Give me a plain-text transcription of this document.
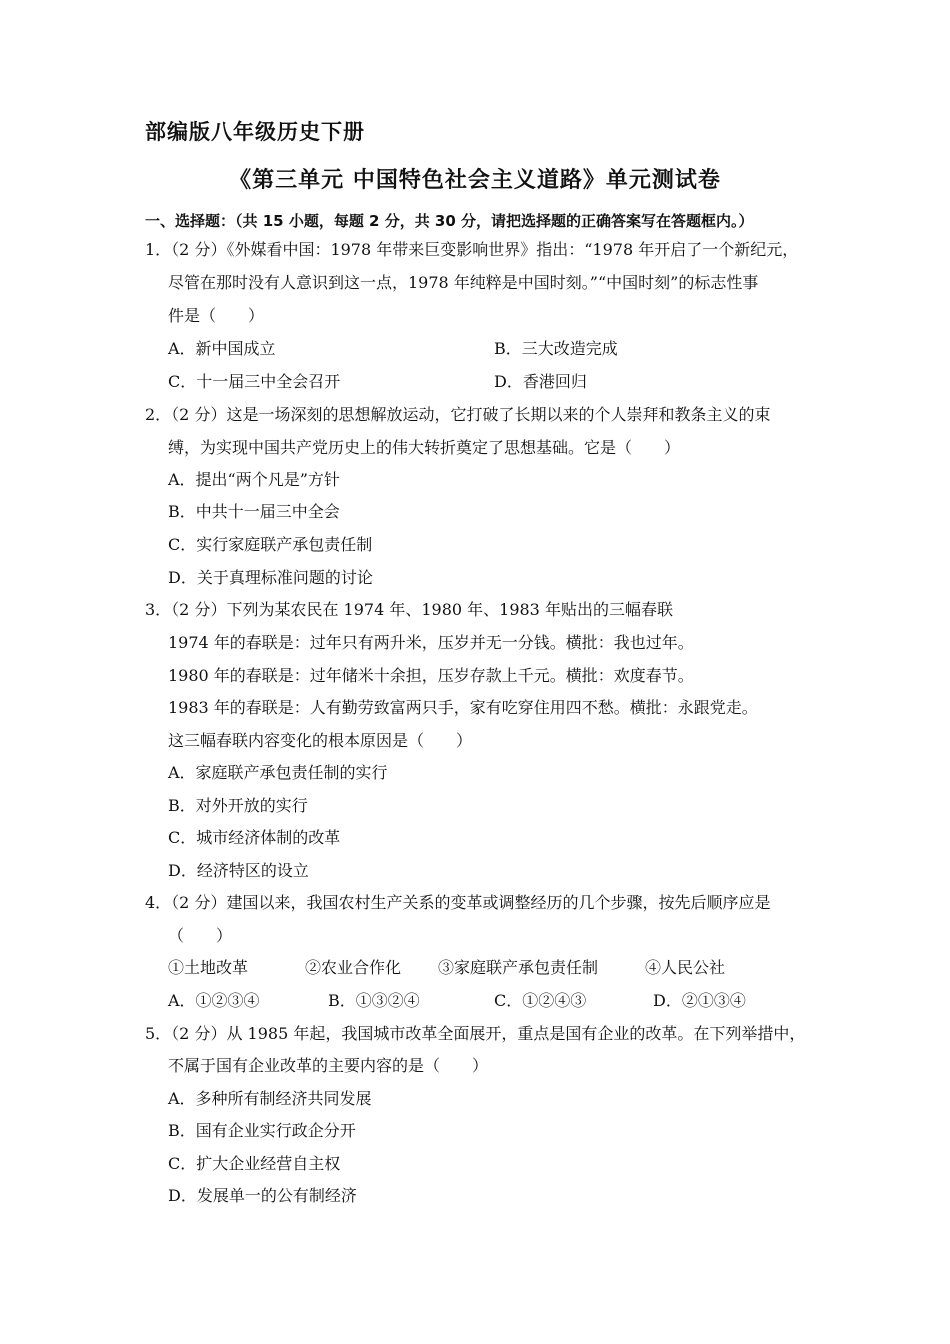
部编版八年级历史下册
《第三单元 中国特色社会主义道路》单元测试卷
一、选择题：（共 15 小题，每题 2 分，共 30 分，请把选择题的正确答案写在答题框内。）
1．（2 分）《外媒看中国：1978 年带来巨变影响世界》指出：“1978 年开启了一个新纪元，
尽管在那时没有人意识到这一点，1978 年纯粹是中国时刻。”“中国时刻”的标志性事
件是（　　）
A．新中国成立	B．三大改造完成
C．十一届三中全会召开	D．香港回归
2．（2 分）这是一场深刻的思想解放运动，它打破了长期以来的个人崇拜和教条主义的束
缚，为实现中国共产党历史上的伟大转折奠定了思想基础。它是（　　）
A．提出“两个凡是”方针
B．中共十一届三中全会
C．实行家庭联产承包责任制
D．关于真理标准问题的讨论
3．（2 分）下列为某农民在 1974 年、1980 年、1983 年贴出的三幅春联
1974 年的春联是：过年只有两升米，压岁并无一分钱。横批：我也过年。
1980 年的春联是：过年储米十余担，压岁存款上千元。横批：欢度春节。
1983 年的春联是：人有勤劳致富两只手，家有吃穿住用四不愁。横批：永跟党走。
这三幅春联内容变化的根本原因是（　　）
A．家庭联产承包责任制的实行
B．对外开放的实行
C．城市经济体制的改革
D．经济特区的设立
4．（2 分）建国以来，我国农村生产关系的变革或调整经历的几个步骤，按先后顺序应是
（　　）
①土地改革	②农业合作化 ③家庭联产承包责任制	④人民公社
A．①②③④	B．①③②④	C．①②④③	D．②①③④
5．（2 分）从 1985 年起，我国城市改革全面展开，重点是国有企业的改革。在下列举措中，
不属于国有企业改革的主要内容的是（　　）
A．多种所有制经济共同发展
B．国有企业实行政企分开
C．扩大企业经营自主权
D．发展单一的公有制经济
